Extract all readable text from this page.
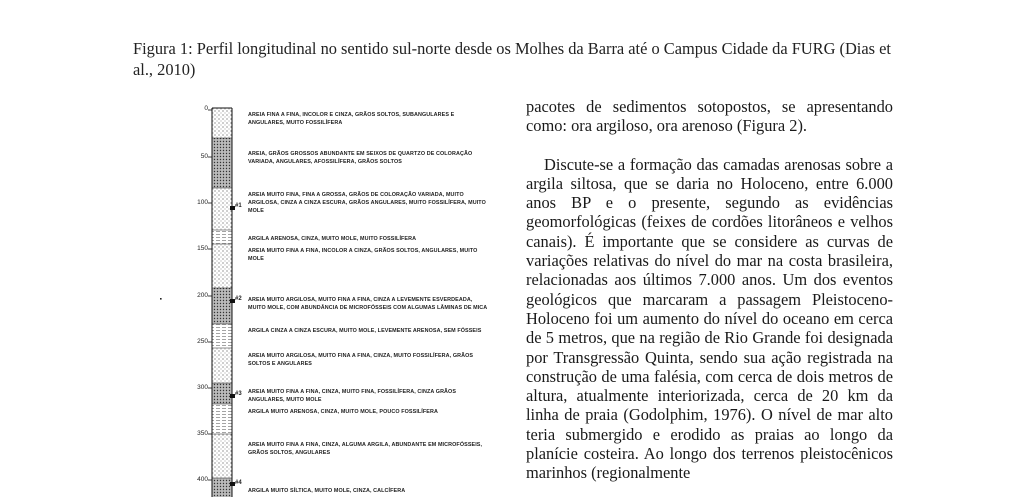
Figura 1: Perfil longitudinal no sentido sul-norte desde os Molhes da Barra até o Campus Cidade da FURG (Dias et al., 2010)
0
50
100
150
200
250
300
350
400
#1
#2
#3
#4
AREIA FINA A FINA, INCOLOR E CINZA, GRÃOS SOLTOS, SUBANGULARES E ANGULARES, MUITO FOSSILÍFERA
AREIA, GRÃOS GROSSOS ABUNDANTE EM SEIXOS DE QUARTZO DE COLORAÇÃO VARIADA, ANGULARES, AFOSSILÍFERA, GRÃOS SOLTOS
AREIA MUITO FINA, FINA A GROSSA, GRÃOS DE COLORAÇÃO VARIADA, MUITO ARGILOSA, CINZA A CINZA ESCURA, GRÃOS ANGULARES, MUITO FOSSILÍFERA, MUITO MOLE
ARGILA ARENOSA, CINZA, MUITO MOLE, MUITO FOSSILÍFERA
AREIA MUITO FINA A FINA, INCOLOR A CINZA, GRÃOS SOLTOS, ANGULARES, MUITO MOLE
AREIA MUITO ARGILOSA, MUITO FINA A FINA, CINZA A LEVEMENTE ESVERDEADA, MUITO MOLE, COM ABUNDÂNCIA DE MICROFÓSSEIS COM ALGUMAS LÂMINAS DE MICA
ARGILA CINZA A CINZA ESCURA, MUITO MOLE, LEVEMENTE ARENOSA, SEM FÓSSEIS
AREIA MUITO ARGILOSA, MUITO FINA A FINA, CINZA, MUITO FOSSILÍFERA, GRÃOS SOLTOS E ANGULARES
AREIA MUITO FINA A FINA, CINZA, MUITO FINA, FOSSILÍFERA, CINZA GRÃOS ANGULARES, MUITO MOLE
ARGILA MUITO ARENOSA, CINZA, MUITO MOLE, POUCO FOSSILÍFERA
AREIA MUITO FINA A FINA, CINZA, ALGUMA ARGILA, ABUNDANTE EM MICROFÓSSEIS, GRÃOS SOLTOS, ANGULARES
ARGILA MUITO SÍLTICA, MUITO MOLE, CINZA, CALCÍFERA

pacotes de sedimentos sotopostos, se apresentando como: ora argiloso, ora arenoso (Figura 2).

Discute-se a formação das camadas arenosas sobre a argila siltosa, que se daria no Holoceno, entre 6.000 anos BP e o presente, segundo as evidências geomorfológicas (feixes de cordões litorâneos e velhos canais). É importante que se considere as curvas de variações relativas do nível do mar na costa brasileira, relacionadas aos últimos 7.000 anos. Um dos eventos geológicos que marcaram a passagem Pleistoceno-Holoceno foi um aumento do nível do oceano em cerca de 5 metros, que na região de Rio Grande foi designada por Transgressão Quinta, sendo sua ação registrada na construção de uma falésia, com cerca de dois metros de altura, atualmente interiorizada, cerca de 20 km da linha de praia (Godolphim, 1976). O nível de mar alto teria submergido e erodido as praias ao longo da planície costeira. Ao longo dos terrenos pleistocênicos marinhos (regionalmente
